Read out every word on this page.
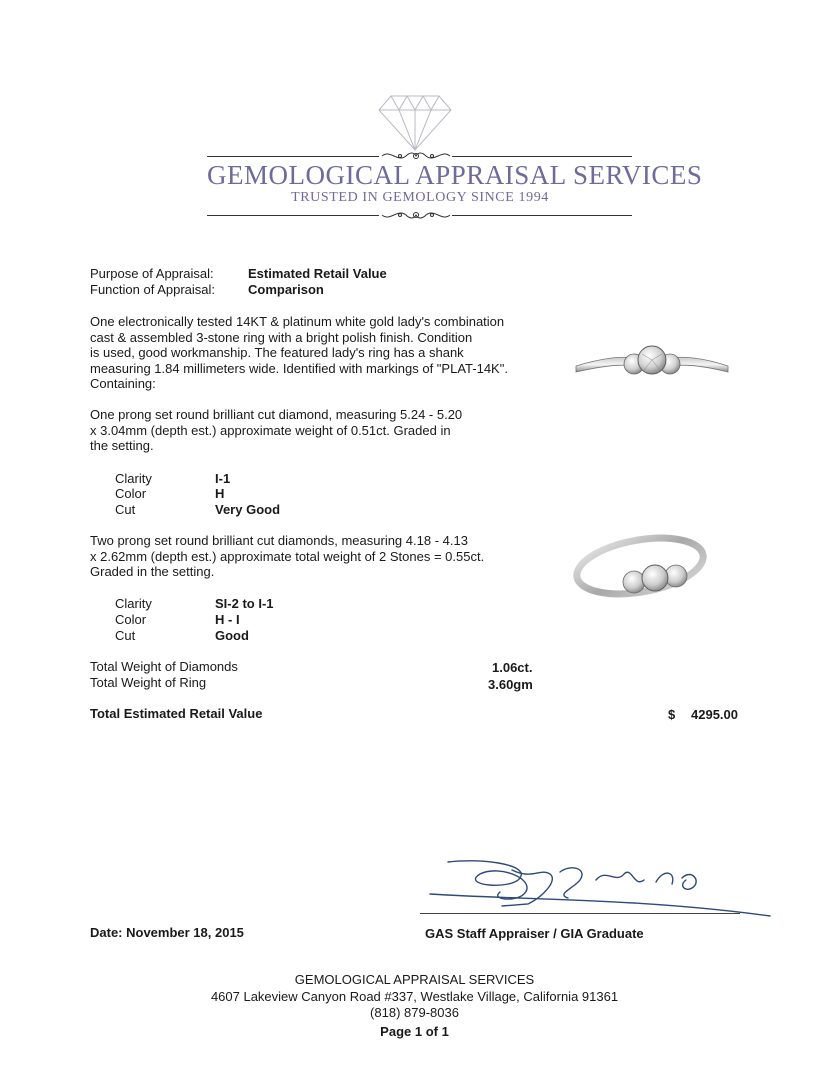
GEMOLOGICAL APPRAISAL SERVICES
TRUSTED IN GEMOLOGY SINCE 1994
Purpose of Appraisal:	Estimated Retail Value
Function of Appraisal:	Comparison
One electronically tested 14KT & platinum white gold lady's combination
cast & assembled 3-stone ring with a bright polish finish. Condition
is used, good workmanship. The featured lady's ring has a shank
measuring 1.84 millimeters wide. Identified with markings of "PLAT-14K".
Containing:
One prong set round brilliant cut diamond, measuring 5.24 - 5.20
x 3.04mm (depth est.) approximate weight of 0.51ct. Graded in
the setting.
Clarity	I-1
Color	H
Cut	Very Good
Two prong set round brilliant cut diamonds, measuring 4.18 - 4.13
x 2.62mm (depth est.) approximate total weight of 2 Stones = 0.55ct.
Graded in the setting.
Clarity	SI-2 to I-1
Color	H - I
Cut	Good
Total Weight of Diamonds	1.06ct.
Total Weight of Ring	3.60gm
Total Estimated Retail Value	$ 4295.00
Date: November 18, 2015	GAS Staff Appraiser / GIA Graduate
GEMOLOGICAL APPRAISAL SERVICES
4607 Lakeview Canyon Road #337, Westlake Village, California 91361
(818) 879-8036
Page 1 of 1
